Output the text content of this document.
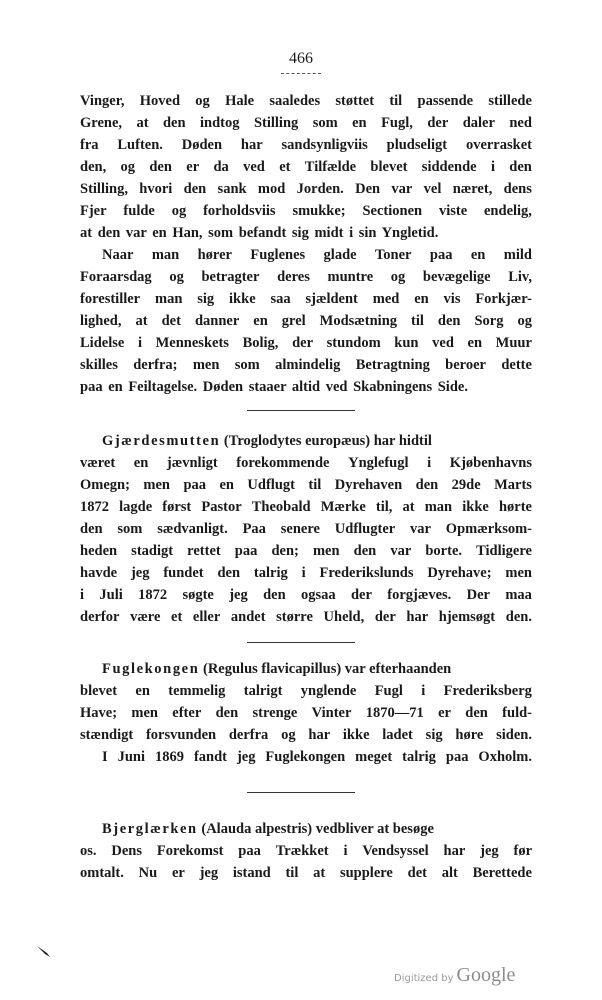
466
Vinger, Hoved og Hale saaledes støttet til passende stillede
Grene, at den indtog Stilling som en Fugl, der daler ned
fra Luften. Døden har sandsynligviis pludseligt overrasket
den, og den er da ved et Tilfælde blevet siddende i den
Stilling, hvori den sank mod Jorden. Den var vel næret, dens
Fjer fulde og forholdsviis smukke; Sectionen viste endelig,
at den var en Han, som befandt sig midt i sin Yngletid.
Naar man hører Fuglenes glade Toner paa en mild
Foraarsdag og betragter deres muntre og bevægelige Liv,
forestiller man sig ikke saa sjældent med en vis Forkjær-
lighed, at det danner en grel Modsætning til den Sorg og
Lidelse i Menneskets Bolig, der stundom kun ved en Muur
skilles derfra; men som almindelig Betragtning beroer dette
paa en Feiltagelse. Døden staaer altid ved Skabningens Side.
Gjærdesmutten (Troglodytes europæus) har hidtil
været en jævnligt forekommende Ynglefugl i Kjøbenhavns
Omegn; men paa en Udflugt til Dyrehaven den 29de Marts
1872 lagde først Pastor Theobald Mærke til, at man ikke hørte
den som sædvanligt. Paa senere Udflugter var Opmærksom-
heden stadigt rettet paa den; men den var borte. Tidligere
havde jeg fundet den talrig i Frederikslunds Dyrehave; men
i Juli 1872 søgte jeg den ogsaa der forgjæves. Der maa
derfor være et eller andet større Uheld, der har hjemsøgt den.
Fuglekongen (Regulus flavicapillus) var efterhaanden
blevet en temmelig talrigt ynglende Fugl i Frederiksberg
Have; men efter den strenge Vinter 1870—71 er den fuld-
stændigt forsvunden derfra og har ikke ladet sig høre siden.
I Juni 1869 fandt jeg Fuglekongen meget talrig paa Oxholm.
Bjerglærken (Alauda alpestris) vedbliver at besøge
os. Dens Forekomst paa Trækket i Vendsyssel har jeg før
omtalt. Nu er jeg istand til at supplere det alt Berettede
Digitized by Google
